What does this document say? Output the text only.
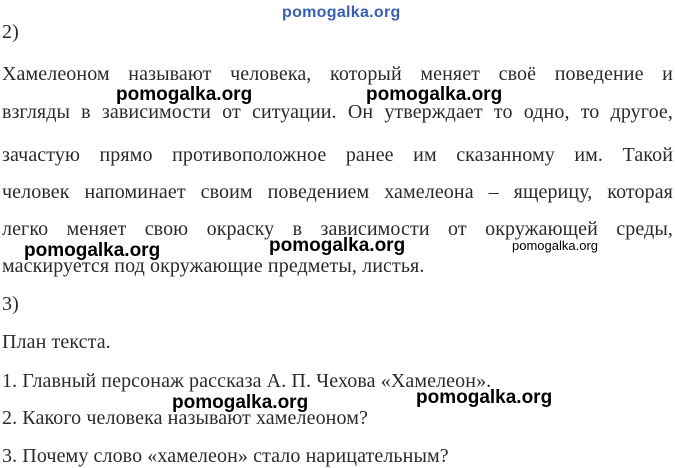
pomogalka.org
2)
Хамелеоном называют человека, который меняет своё поведение и
взгляды в зависимости от ситуации. Он утверждает то одно, то другое,
зачастую прямо противоположное ранее им сказанному им. Такой
человек напоминает своим поведением хамелеона – ящерицу, которая
легко меняет свою окраску в зависимости от окружающей среды,
маскируется под окружающие предметы, листья.
3)
План текста.
1. Главный персонаж рассказа А. П. Чехова «Хамелеон».
2. Какого человека называют хамелеоном?
3. Почему слово «хамелеон» стало нарицательным?
pomogalka.org	pomogalka.org
pomogalka.org	pomogalka.org	pomogalka.org
pomogalka.org	pomogalka.org
